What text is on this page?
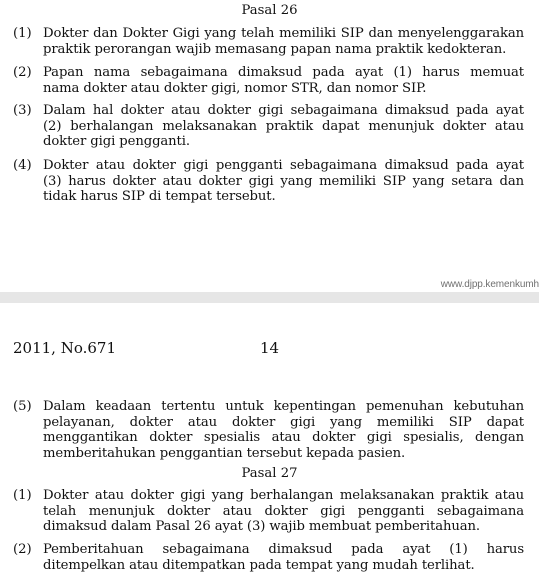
Pasal 26
(1) Dokter dan Dokter Gigi yang telah memiliki SIP dan menyelenggarakan
praktik perorangan wajib memasang papan nama praktik kedokteran.

(2) Papan nama sebagaimana dimaksud pada ayat (1) harus memuat
nama dokter atau dokter gigi, nomor STR, dan nomor SIP.

(3) Dalam hal dokter atau dokter gigi sebagaimana dimaksud pada ayat
(2) berhalangan melaksanakan praktik dapat menunjuk dokter atau
dokter gigi pengganti.

(4) Dokter atau dokter gigi pengganti sebagaimana dimaksud pada ayat
(3) harus dokter atau dokter gigi yang memiliki SIP yang setara dan
tidak harus SIP di tempat tersebut.

www.djpp.kemenkumh
2011, No.671	14
(5) Dalam keadaan tertentu untuk kepentingan pemenuhan kebutuhan
pelayanan, dokter atau dokter gigi yang memiliki SIP dapat
menggantikan dokter spesialis atau dokter gigi spesialis, dengan
memberitahukan penggantian tersebut kepada pasien.

Pasal 27
(1) Dokter atau dokter gigi yang berhalangan melaksanakan praktik atau
telah menunjuk dokter atau dokter gigi pengganti sebagaimana
dimaksud dalam Pasal 26 ayat (3) wajib membuat pemberitahuan.

(2) Pemberitahuan sebagaimana dimaksud pada ayat (1) harus
ditempelkan atau ditempatkan pada tempat yang mudah terlihat.
